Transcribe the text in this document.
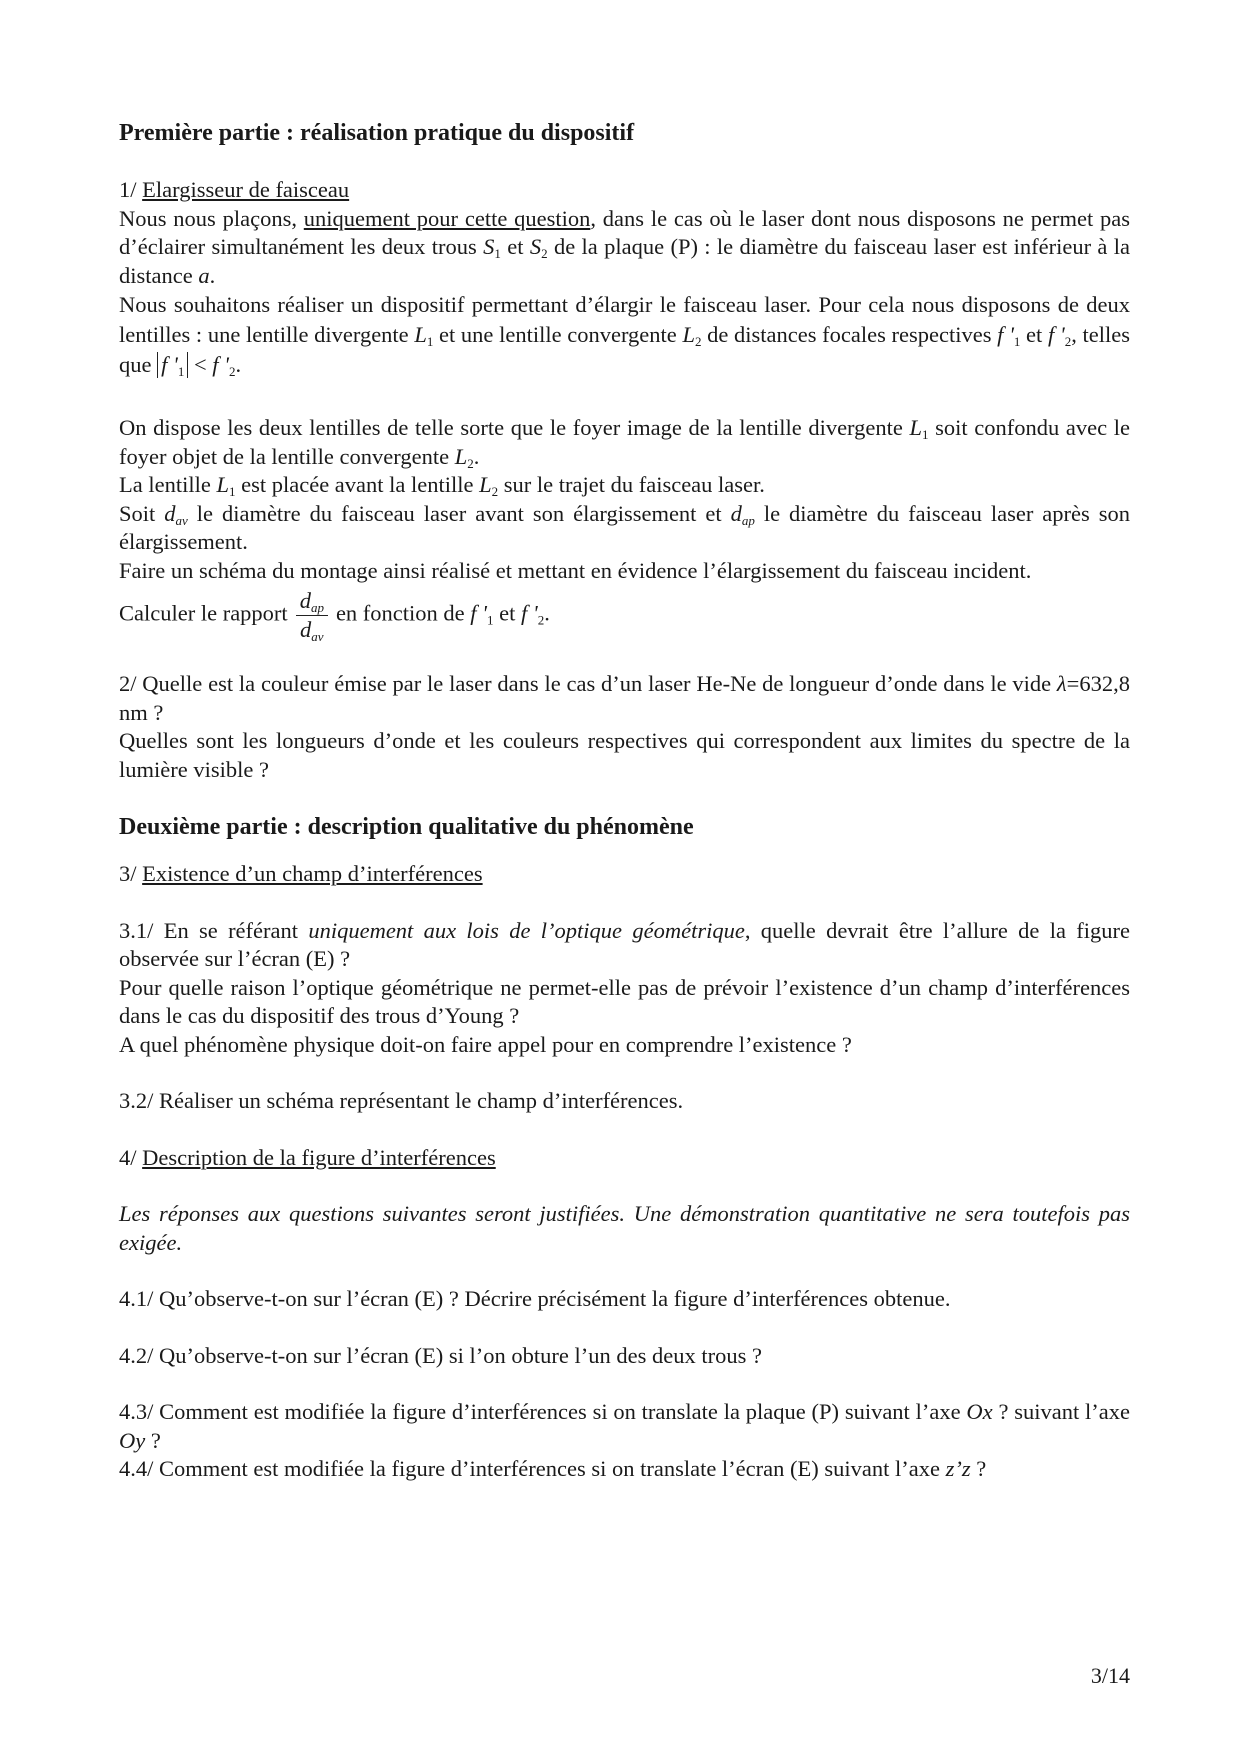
Première partie : réalisation pratique du dispositif

1/ Elargisseur de faisceau

Nous nous plaçons, uniquement pour cette question, dans le cas où le laser dont nous disposons ne permet pas d’éclairer simultanément les deux trous $S_1$ et $S_2$ de la plaque (P) : le diamètre du faisceau laser est inférieur à la distance a.

Nous souhaitons réaliser un dispositif permettant d’élargir le faisceau laser. Pour cela nous disposons de deux lentilles : une lentille divergente $L_1$ et une lentille convergente $L_2$ de distances focales respectives f '$_1$ et f '$_2$, telles que f '$_1 < f$ '$_2$.

On dispose les deux lentilles de telle sorte que le foyer image de la lentille divergente $L_1$ soit confondu avec le foyer objet de la lentille convergente $L_2$.

La lentille $L_1$ est placée avant la lentille $L_2$ sur le trajet du faisceau laser.

Soit $d_{av}$ le diamètre du faisceau laser avant son élargissement et $d_{ap}$ le diamètre du faisceau laser après son élargissement.

Faire un schéma du montage ainsi réalisé et mettant en évidence l’élargissement du faisceau incident.

Calculer le rapport $\frac{d_{ap}}{d_{av}}$ en fonction de f '$_1$ et f '$_2$.

2/ Quelle est la couleur émise par le laser dans le cas d’un laser He-Ne de longueur d’onde dans le vide λ=632,8 nm ?

Quelles sont les longueurs d’onde et les couleurs respectives qui correspondent aux limites du spectre de la lumière visible ?

Deuxième partie : description qualitative du phénomène

3/ Existence d’un champ d’interférences

3.1/ En se référant uniquement aux lois de l’optique géométrique, quelle devrait être l’allure de la figure observée sur l’écran (E) ?

Pour quelle raison l’optique géométrique ne permet-elle pas de prévoir l’existence d’un champ d’interférences dans le cas du dispositif des trous d’Young ?

A quel phénomène physique doit-on faire appel pour en comprendre l’existence ?

3.2/ Réaliser un schéma représentant le champ d’interférences.

4/ Description de la figure d’interférences

Les réponses aux questions suivantes seront justifiées. Une démonstration quantitative ne sera toutefois pas exigée.

4.1/ Qu’observe-t-on sur l’écran (E) ? Décrire précisément la figure d’interférences obtenue.

4.2/ Qu’observe-t-on sur l’écran (E) si l’on obture l’un des deux trous ?

4.3/ Comment est modifiée la figure d’interférences si on translate la plaque (P) suivant l’axe Ox ? suivant l’axe Oy ?

4.4/ Comment est modifiée la figure d’interférences si on translate l’écran (E) suivant l’axe z’z ?

3/14
